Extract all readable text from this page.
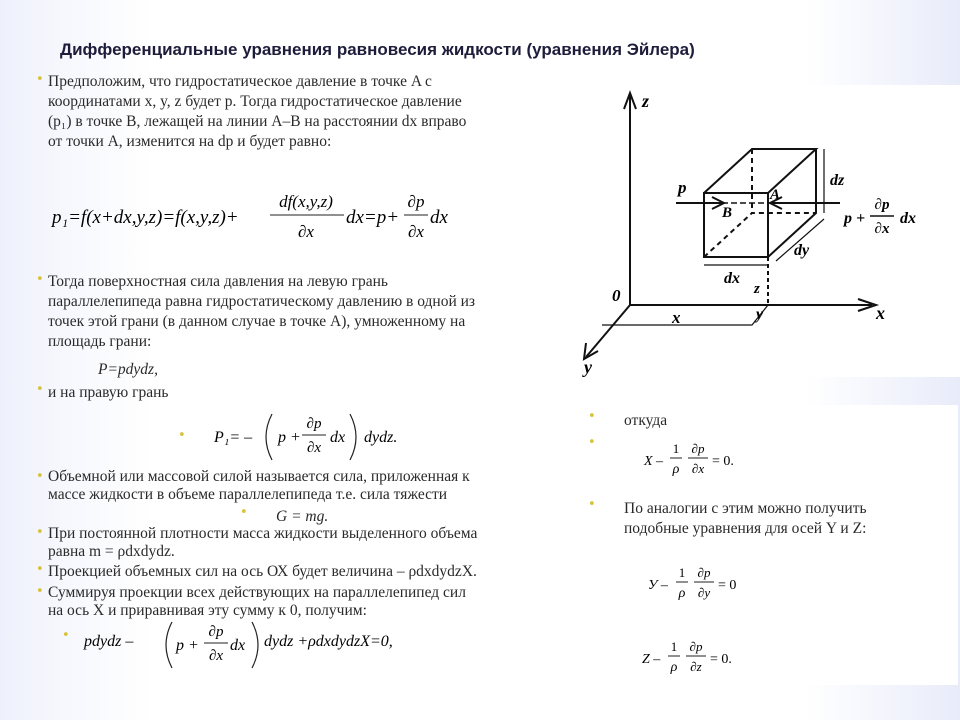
Дифференциальные уравнения равновесия жидкости (уравнения Эйлера)
• Предположим, что гидростатическое давление в точке A с
координатами x, y, z будет p. Тогда гидростатическое давление
(p₁) в точке B, лежащей на линии A–B на расстоянии dx вправо
от точки A, изменится на dp и будет равно:
p₁=f(x+dx,y,z)=f(x,y,z)+
df(x,y,z)
∂x
dx=p+
∂p
∂x
dx
• Тогда поверхностная сила давления на левую грань
параллелепипеда равна гидростатическому давлению в одной из
точек этой грани (в данном случае в точке А), умноженному на
площадь грани:
P=pdydz,
• и на правую грань
• P₁= – p +
∂p
∂x
dx dydz.
• Объемной или массовой силой называется сила, приложенная к
массе жидкости в объеме параллелепипеда т.е. сила тяжести
• G = mg.
• При постоянной плотности масса жидкости выделенного объема
равна m = ρdxdydz.
• Проекцией объемных сил на ось ОХ будет величина – ρdxdydzX.
• Суммируя проекции всех действующих на параллелепипед сил
на ось X и приравнивая эту сумму к 0, получим:
• pdydz –	p +
∂p
∂x
dx dydz +ρdxdydzX=0,
z
y
x
0
p
B
A
dx
dy
dz
x	y
z
p +
∂p
∂x
dx
• откуда
•
X –
1
ρ
∂p
∂x = 0.
• По аналогии с этим можно получить
подобные уравнения для осей Y и Z:
У –
1
ρ
∂p
∂y = 0
Z –
1
ρ
∂p
∂z = 0.
